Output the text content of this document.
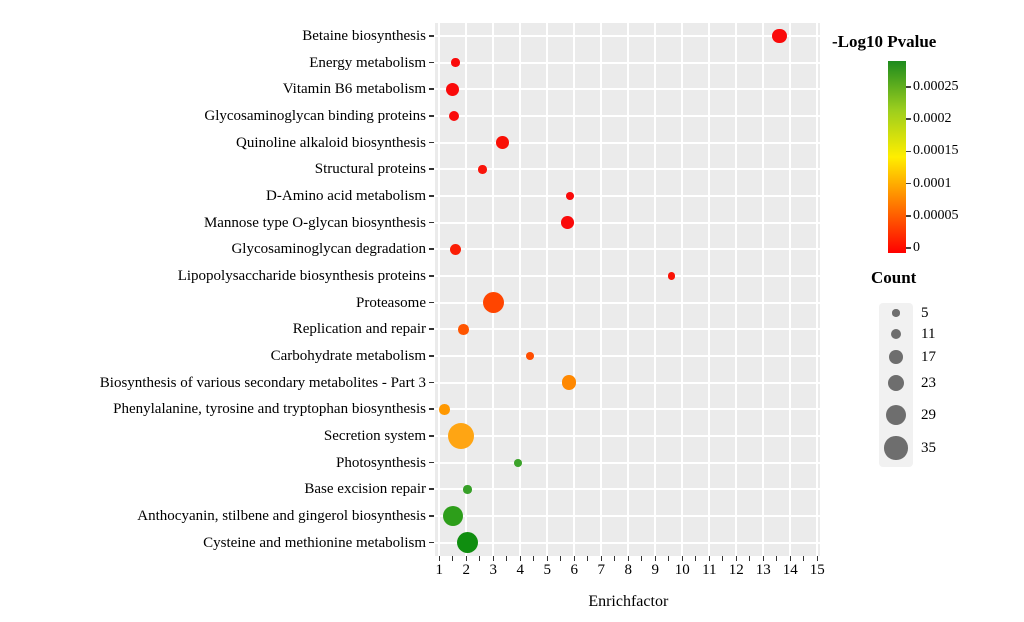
Enrichfactor
-Log10 Pvalue
Count
Betaine biosynthesis
Energy metabolism
Vitamin B6 metabolism
Glycosaminoglycan binding proteins
Quinoline alkaloid biosynthesis
Structural proteins
D-Amino acid metabolism
Mannose type O-glycan biosynthesis
Glycosaminoglycan degradation
Lipopolysaccharide biosynthesis proteins
Proteasome
Replication and repair
Carbohydrate metabolism
Biosynthesis of various secondary metabolites - Part 3
Phenylalanine, tyrosine and tryptophan biosynthesis
Secretion system
Photosynthesis
Base excision repair
Anthocyanin, stilbene and gingerol biosynthesis
Cysteine and methionine metabolism
1	2	3	4	5	6	7	8	9	10 11 12 13 14 15
0.00025
0.0002
0.00015
0.0001
0.00005
0
5
11
17
23
29
35
